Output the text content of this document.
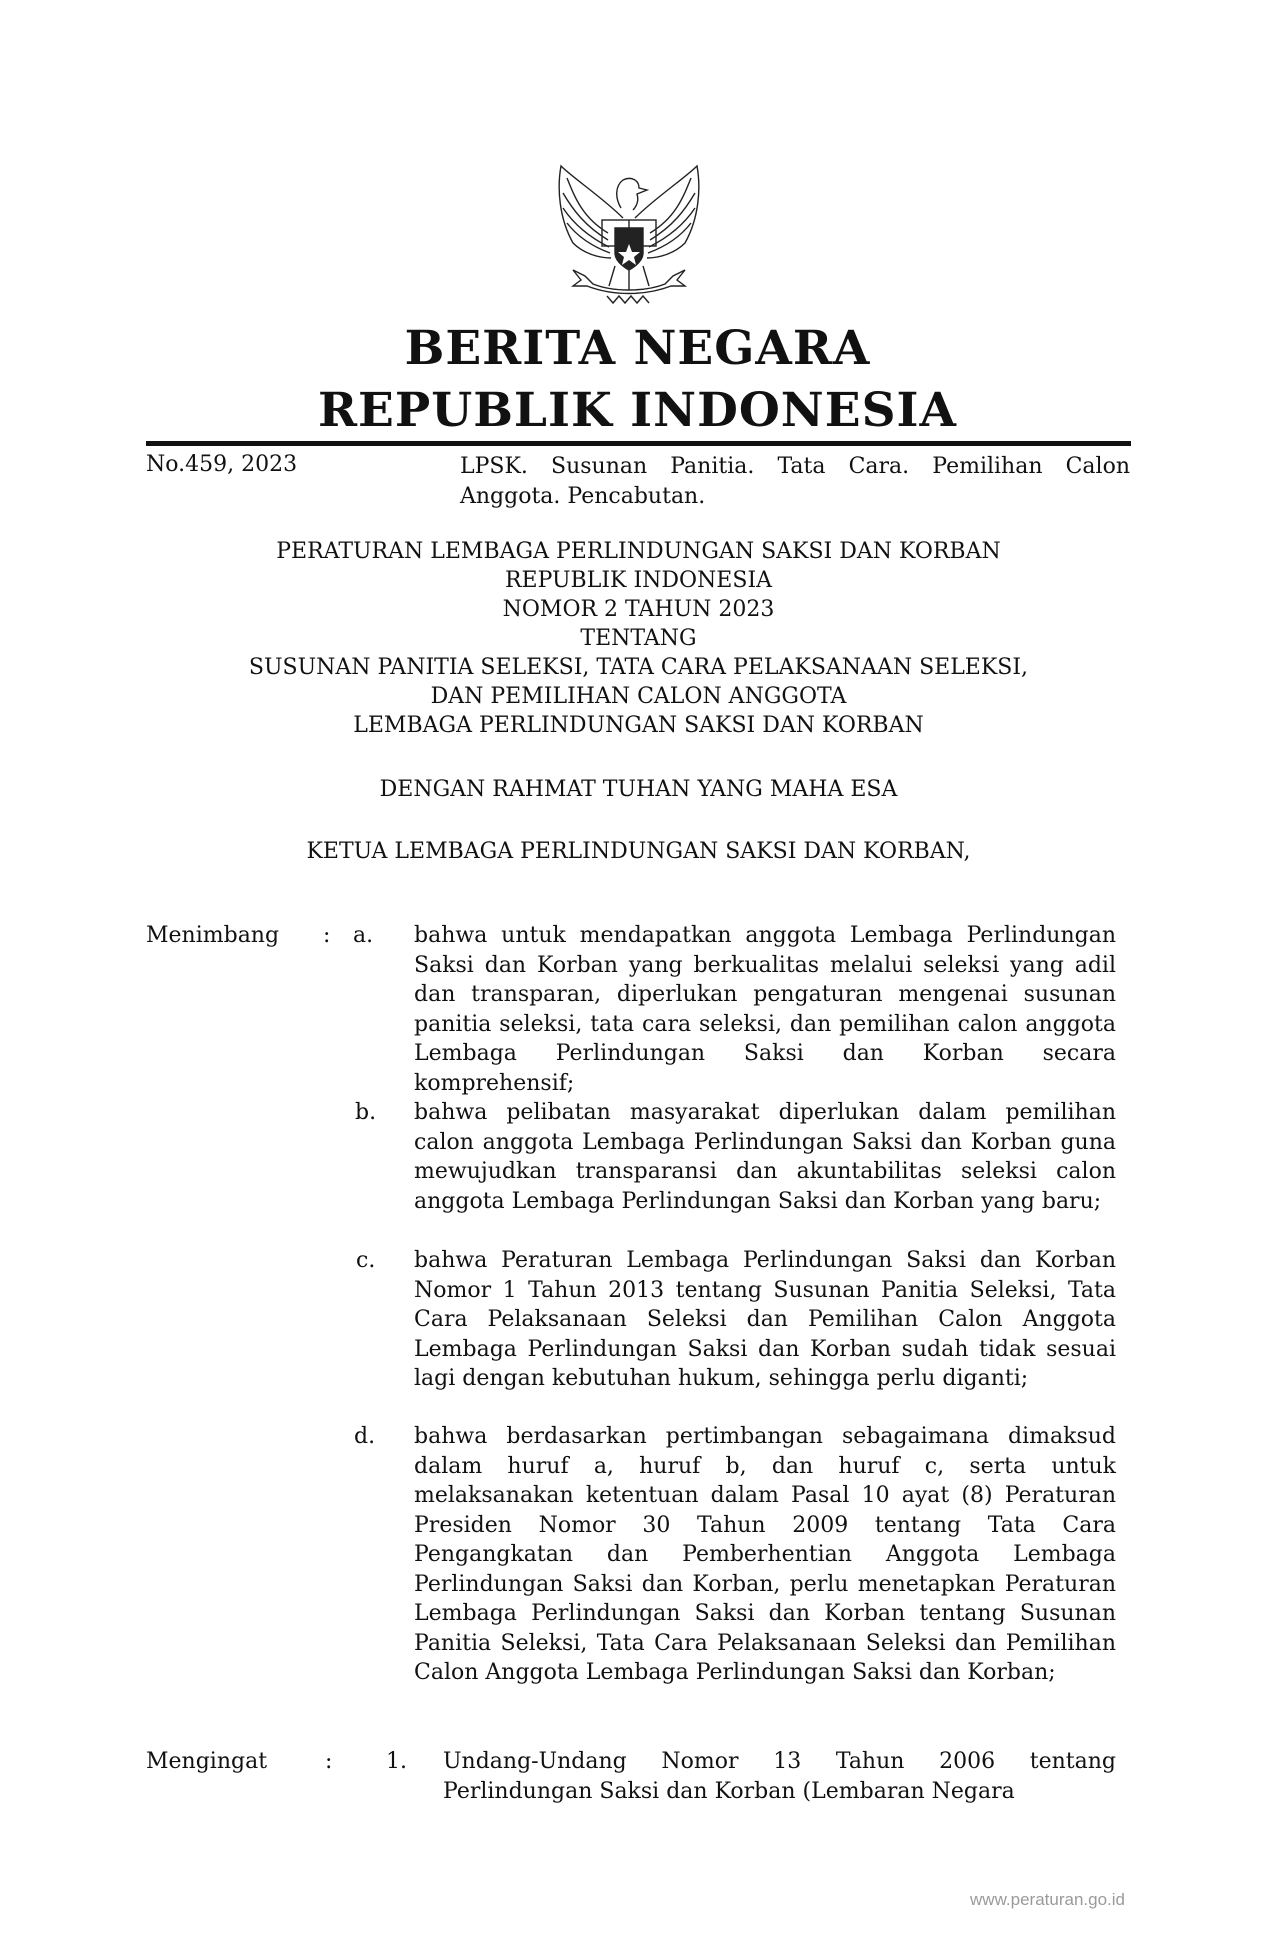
BERITA NEGARA
REPUBLIK INDONESIA
No.459, 2023	LPSK. Susunan Panitia. Tata Cara. Pemilihan Calon Anggota. Pencabutan.
PERATURAN LEMBAGA PERLINDUNGAN SAKSI DAN KORBAN
REPUBLIK INDONESIA
NOMOR 2 TAHUN 2023
TENTANG
SUSUNAN PANITIA SELEKSI, TATA CARA PELAKSANAAN SELEKSI,
DAN PEMILIHAN CALON ANGGOTA
LEMBAGA PERLINDUNGAN SAKSI DAN KORBAN
DENGAN RAHMAT TUHAN YANG MAHA ESA
KETUA LEMBAGA PERLINDUNGAN SAKSI DAN KORBAN,
Menimbang : a. bahwa untuk mendapatkan anggota Lembaga Perlindungan Saksi dan Korban yang berkualitas melalui seleksi yang adil dan transparan, diperlukan pengaturan mengenai susunan panitia seleksi, tata cara seleksi, dan pemilihan calon anggota Lembaga Perlindungan Saksi dan Korban secara komprehensif;
b. bahwa pelibatan masyarakat diperlukan dalam pemilihan calon anggota Lembaga Perlindungan Saksi dan Korban guna mewujudkan transparansi dan akuntabilitas seleksi calon anggota Lembaga Perlindungan Saksi dan Korban yang baru;
c. bahwa Peraturan Lembaga Perlindungan Saksi dan Korban Nomor 1 Tahun 2013 tentang Susunan Panitia Seleksi, Tata Cara Pelaksanaan Seleksi dan Pemilihan Calon Anggota Lembaga Perlindungan Saksi dan Korban sudah tidak sesuai lagi dengan kebutuhan hukum, sehingga perlu diganti;
d. bahwa berdasarkan pertimbangan sebagaimana dimaksud dalam huruf a, huruf b, dan huruf c, serta untuk melaksanakan ketentuan dalam Pasal 10 ayat (8) Peraturan Presiden Nomor 30 Tahun 2009 tentang Tata Cara Pengangkatan dan Pemberhentian Anggota Lembaga Perlindungan Saksi dan Korban, perlu menetapkan Peraturan Lembaga Perlindungan Saksi dan Korban tentang Susunan Panitia Seleksi, Tata Cara Pelaksanaan Seleksi dan Pemilihan Calon Anggota Lembaga Perlindungan Saksi dan Korban;
Mengingat	: 1. Undang-Undang Nomor 13 Tahun 2006 tentang Perlindungan Saksi dan Korban (Lembaran Negara
www.peraturan.go.id
